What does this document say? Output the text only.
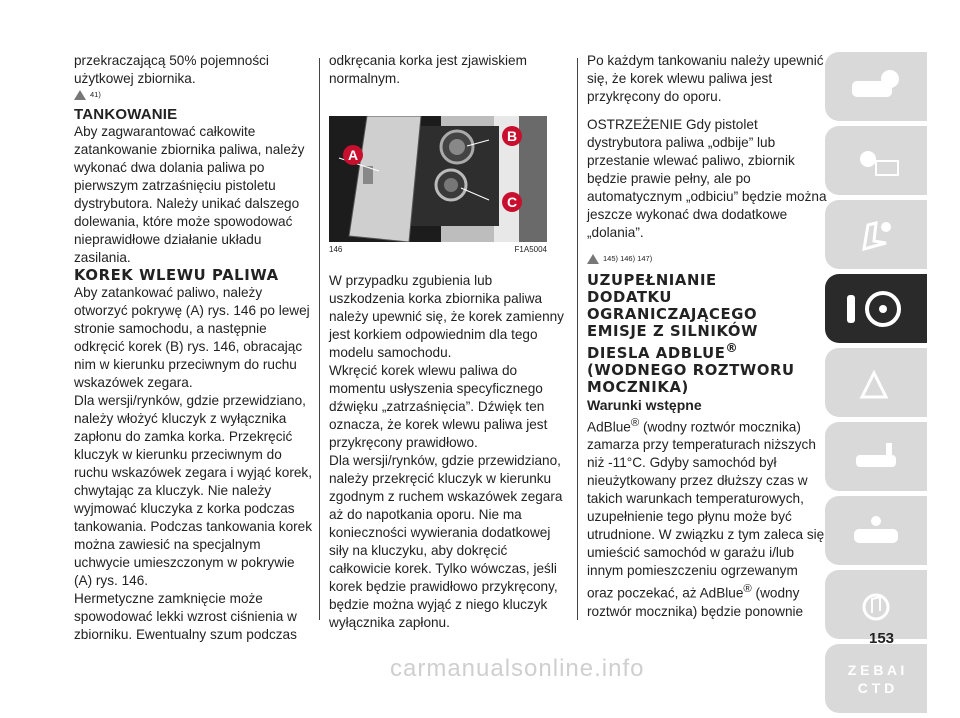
przekraczającą 50% pojemności użytkowej zbiornika.

41)

TANKOWANIE

Aby zagwarantować całkowite zatankowanie zbiornika paliwa, należy wykonać dwa dolania paliwa po pierwszym zatrzaśnięciu pistoletu dystrybutora. Należy unikać dalszego dolewania, które może spowodować nieprawidłowe działanie układu zasilania.

KOREK WLEWU PALIWA

Aby zatankować paliwo, należy otworzyć pokrywę (A) rys. 146 po lewej stronie samochodu, a następnie odkręcić korek (B) rys. 146, obracając nim w kierunku przeciwnym do ruchu wskazówek zegara.

Dla wersji/rynków, gdzie przewidziano, należy włożyć kluczyk z wyłącznika zapłonu do zamka korka. Przekręcić kluczyk w kierunku przeciwnym do ruchu wskazówek zegara i wyjąć korek, chwytając za kluczyk. Nie należy wyjmować kluczyka z korka podczas tankowania. Podczas tankowania korek można zawiesić na specjalnym uchwycie umieszczonym w pokrywie (A) rys. 146.

Hermetyczne zamknięcie może spowodować lekki wzrost ciśnienia w zbiorniku. Ewentualny szum podczas

odkręcania korka jest zjawiskiem normalnym.

A
B
C
146	F1A5004

W przypadku zgubienia lub uszkodzenia korka zbiornika paliwa należy upewnić się, że korek zamienny jest korkiem odpowiednim dla tego modelu samochodu.

Wkręcić korek wlewu paliwa do momentu usłyszenia specyficznego dźwięku „zatrzaśnięcia”. Dźwięk ten oznacza, że korek wlewu paliwa jest przykręcony prawidłowo.

Dla wersji/rynków, gdzie przewidziano, należy przekręcić kluczyk w kierunku zgodnym z ruchem wskazówek zegara aż do napotkania oporu. Nie ma konieczności wywierania dodatkowej siły na kluczyku, aby dokręcić całkowicie korek. Tylko wówczas, jeśli korek będzie prawidłowo przykręcony, będzie można wyjąć z niego kluczyk wyłącznika zapłonu.

Po każdym tankowaniu należy upewnić się, że korek wlewu paliwa jest przykręcony do oporu.

OSTRZEŻENIE Gdy pistolet dystrybutora paliwa „odbije” lub przestanie wlewać paliwo, zbiornik będzie prawie pełny, ale po automatycznym „odbiciu” będzie można jeszcze wykonać dwa dodatkowe „dolania”.

145) 146) 147)
UZUPEŁNIANIE
DODATKU
OGRANICZAJĄCEGO
EMISJE Z SILNIKÓW
DIESLA ADBLUE®
(WODNEGO ROZTWORU
MOCZNIKA)

Warunki wstępne

AdBlue® (wodny roztwór mocznika) zamarza przy temperaturach niższych niż -11°C. Gdyby samochód był nieużytkowany przez dłuższy czas w takich warunkach temperaturowych, uzupełnienie tego płynu może być utrudnione. W związku z tym zaleca się umieścić samochód w garażu i/lub innym pomieszczeniu ogrzewanym oraz poczekać, aż AdBlue® (wodny roztwór mocznika) będzie ponownie

Z E B A I C T D
153
carmanualsonline.info
